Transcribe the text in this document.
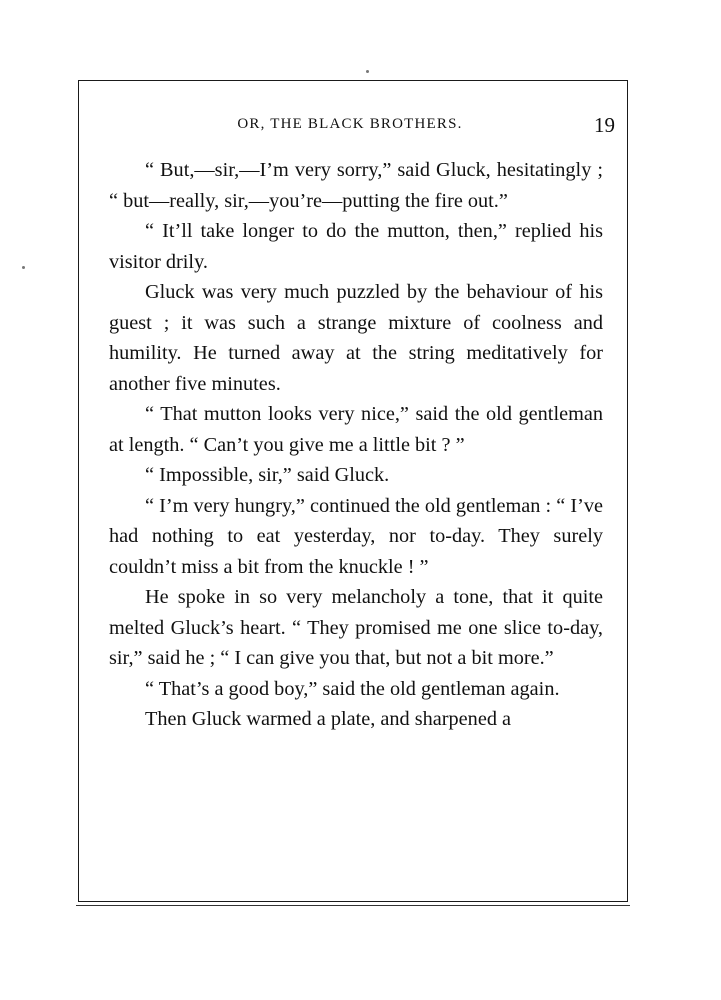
OR, THE BLACK BROTHERS.	19

“ But,—sir,—I’m very sorry,” said Gluck, hesitatingly ; “ but—really, sir,—you’re—putting the fire out.”

“ It’ll take longer to do the mutton, then,” replied his visitor drily.

Gluck was very much puzzled by the behaviour of his guest ; it was such a strange mixture of coolness and humility. He turned away at the string meditatively for another five minutes.

“ That mutton looks very nice,” said the old gentleman at length. “ Can’t you give me a little bit ? ”

“ Impossible, sir,” said Gluck.

“ I’m very hungry,” continued the old gentleman : “ I’ve had nothing to eat yesterday, nor to-day. They surely couldn’t miss a bit from the knuckle ! ”

He spoke in so very melancholy a tone, that it quite melted Gluck’s heart. “ They promised me one slice to-day, sir,” said he ; “ I can give you that, but not a bit more.”

“ That’s a good boy,” said the old gentleman again.

Then Gluck warmed a plate, and sharpened a
